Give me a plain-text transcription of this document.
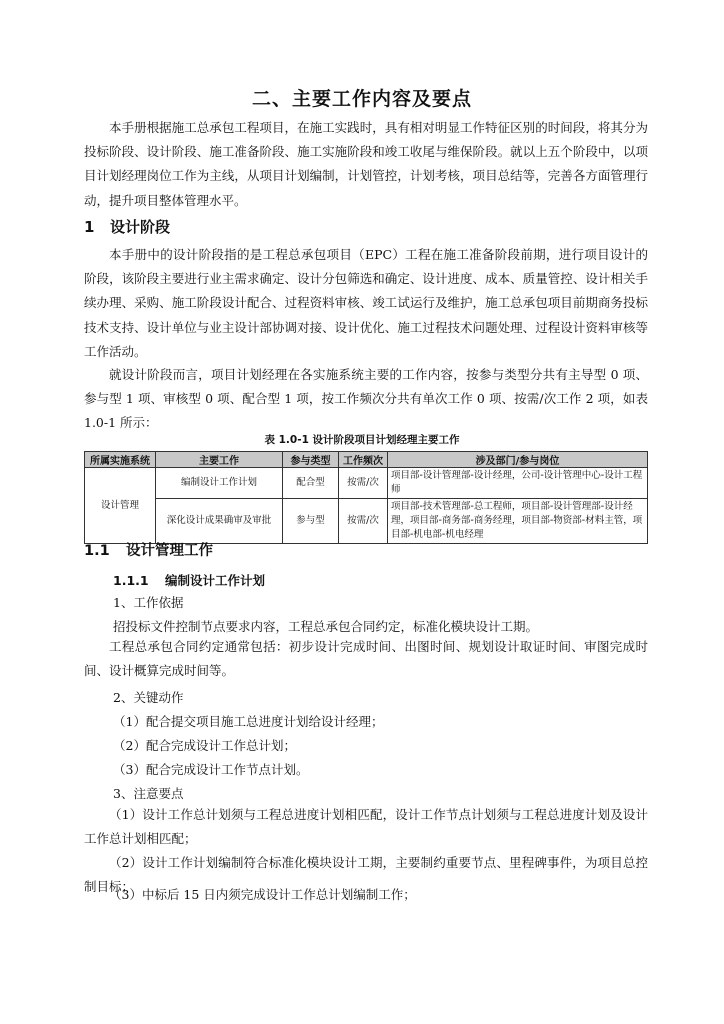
二、主要工作内容及要点
本手册根据施工总承包工程项目，在施工实践时，具有相对明显工作特征区别的时间段，将其分为投标阶段、设计阶段、施工准备阶段、施工实施阶段和竣工收尾与维保阶段。就以上五个阶段中，以项目计划经理岗位工作为主线，从项目计划编制，计划管控，计划考核，项目总结等，完善各方面管理行动，提升项目整体管理水平。
1 设计阶段
本手册中的设计阶段指的是工程总承包项目（EPC）工程在施工准备阶段前期，进行项目设计的阶段，该阶段主要进行业主需求确定、设计分包筛选和确定、设计进度、成本、质量管控、设计相关手续办理、采购、施工阶段设计配合、过程资料审核、竣工试运行及维护，施工总承包项目前期商务投标技术支持、设计单位与业主设计部协调对接、设计优化、施工过程技术问题处理、过程设计资料审核等工作活动。
就设计阶段而言，项目计划经理在各实施系统主要的工作内容，按参与类型分共有主导型 0 项、参与型 1 项、审核型 0 项、配合型 1 项，按工作频次分共有单次工作 0 项、按需/次工作 2 项，如表 1.0-1 所示：
表 1.0-1 设计阶段项目计划经理主要工作
所属实施系统	主要工作	参与类型	工作频次	涉及部门/参与岗位
设计管理	编制设计工作计划	配合型	按需/次	项目部-设计管理部-设计经理，公司-设计管理中心-设计工程师
	深化设计成果确审及审批	参与型	按需/次	项目部-技术管理部-总工程师，项目部-设计管理部-设计经理，项目部-商务部-商务经理，项目部-物资部-材料主管，项目部-机电部-机电经理
1.1 设计管理工作
1.1.1 编制设计工作计划
1、工作依据
招投标文件控制节点要求内容，工程总承包合同约定，标准化模块设计工期。
工程总承包合同约定通常包括：初步设计完成时间、出图时间、规划设计取证时间、审图完成时间、设计概算完成时间等。
2、关键动作
（1）配合提交项目施工总进度计划给设计经理；
（2）配合完成设计工作总计划；
（3）配合完成设计工作节点计划。
3、注意要点
（1）设计工作总计划须与工程总进度计划相匹配，设计工作节点计划须与工程总进度计划及设计工作总计划相匹配；
（2）设计工作计划编制符合标准化模块设计工期，主要制约重要节点、里程碑事件，为项目总控制目标；
（3）中标后 15 日内须完成设计工作总计划编制工作；
